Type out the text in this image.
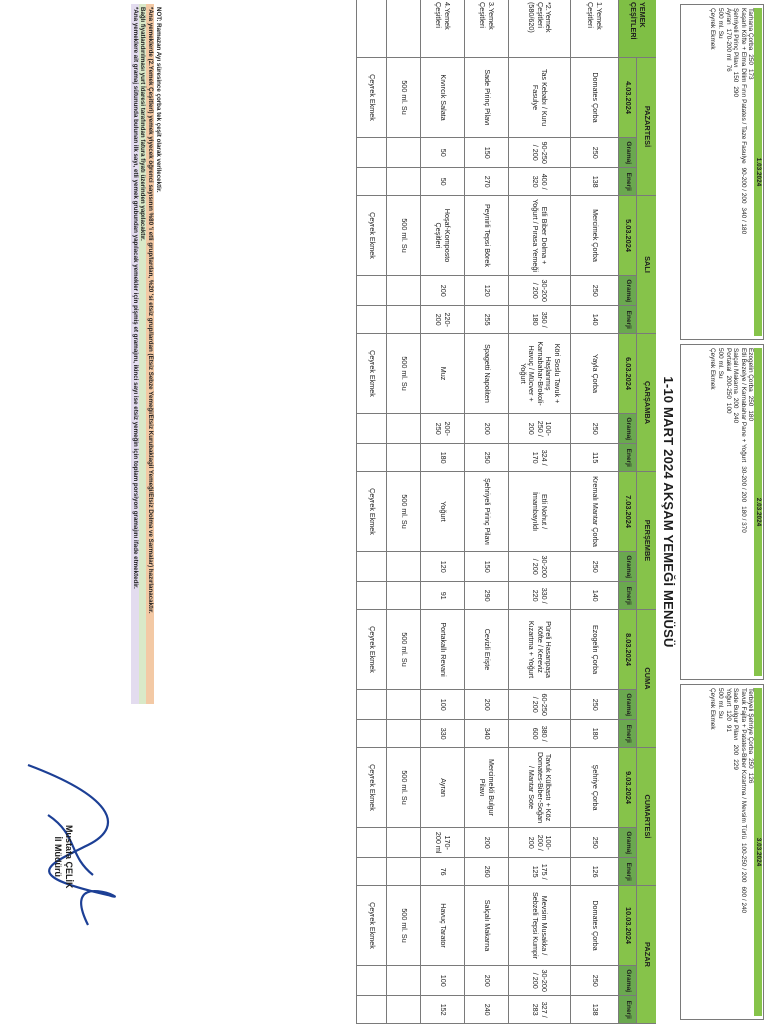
1-10 MART 2024 AKŞAM YEMEĞİ MENÜSÜ
YEMEK ÇEŞİTLERİ
1.Yemek Çeşitleri
*2.Yemek Çeşitleri (580/620)
3.Yemek Çeşitleri
4.Yemek Çeşitleri
PAZARTESİ
4.03.2024
Gramaj
Enerji
Domates Çorba
250
138
Tas Kebabı / Kuru Fasulye
90-250 / 200
400 / 320
Sade Pirinç Pilavı
150
270
Kıvırcık Salata
50
50
500 ml. Su
Çeyrek Ekmek
SALI
5.03.2024
Gramaj
Enerji
Mercimek Çorba
250
140
Etli Biber Dolma + Yoğurt / Pırasa Yemeği
30-200 / 200
350 / 180
Peynirli Tepsi Börek
120
255
Hoşaf-Komposto Çeşitleri
200
220-200
500 ml. Su
Çeyrek Ekmek
ÇARŞAMBA
6.03.2024
Gramaj
Enerji
Yayla Çorba
250
115
Köri Soslu Tavuk + Haşlanmış Karnabahar-Brokoli-Havuç / Mücver + Yoğurt
100-250 / 200
324 / 170
Spagetti Napoliten
200
250
Muz
200-250
180
500 ml. Su
Çeyrek Ekmek
PERŞEMBE
7.03.2024
Gramaj
Enerji
Kremalı Mantar Çorba
250
140
Etli Nohut / İmambayıldı
30-200 / 200
330 / 220
Şehriyeli Pirinç Pilavı
150
290
Yoğurt
120
91
500 ml. Su
Çeyrek Ekmek
CUMA
8.03.2024
Gramaj
Enerji
Ezogelin Çorba
250
180
Püreli Hasanpaşa Köfte / Kereviz Kızartma + Yoğurt
60-250 / 200
380 / 600
Cevizli Erişte
200
340
Portakallı Revani
100
330
500 ml. Su
Çeyrek Ekmek
CUMARTESİ
9.03.2024
Gramaj
Enerji
Şehriye Çorba
250
126
Tavuk Külbastı + Köz Domates-Biber-Soğan / Mantar Sote
100-200 / 200
175 / 125
Mercimekli Bulgur Pilavı
200
260
Ayran
170-200 ml
76
500 ml. Su
Çeyrek Ekmek
PAZAR
10.03.2024
Gramaj
Enerji
Domates Çorba
250
138
Mevsim Musakka / Sebzeli Tepsi Kumpir
30-200 / 200
327 / 283
Salçalı Makarna
200
240
Havuç Tarator
100
152
500 ml. Su
Çeyrek Ekmek

NOT: Ramazan Ayı süresince çorba tek çeşit olarak verilecektir.

*Ana yemeklerde (2.Yemek Çeşitleri) yemek yiyecek öğrenci sayısının %80 'i etli grup/lardan, %20 'si etsiz grup/lardan (Etsiz Sebze Yemeği/Etsiz Kurubaklagil Yemeği/Etsiz Dolma ve Sarmalar) hazırlanacaktır.

Bağlı fiyatlandırılması yurt İdaresi tarafından fatura fiyatı üzerinden yapılacaktır.

*Ana yemeklere ait gramaj sütununda bulunan ilk sayı, etli yemek grubundan yapılacak yemekler için pişmiş et gramajını, ikinci sayı ise etsiz yemeğin için toplam porsiyon gramajını ifade etmektedir.

Mustafa ÇELİK
İl Müdürü
1.03.2024
Tarhana Çorba250173
Kaşarlı Köfte + Elma Dilim Fırın Patates / Taze Fasulye90-200 / 200340 / 180
Şehriyeli Pirinç Pilavı150290
Ayran170-200 ml76
500 ml. Su
Çeyrek Ekmek
2.03.2024
Ezogelin Çorba250180
Etli Bezelye / Karnabahar Pane + Yoğurt30-200 / 200180 / 370
Salçalı Makarna200240
Portakal200-250100
500 ml. Su
Çeyrek Ekmek
3.03.2024
Terbiyeli Şehriye Çorba250126
Tavuk Fajita + Patates-Biber Kızartma / Mevsim Türlü100-250 / 200600 / 240
Sade Bulgur Pilavı200229
Yoğurt12091
500 ml. Su
Çeyrek Ekmek
